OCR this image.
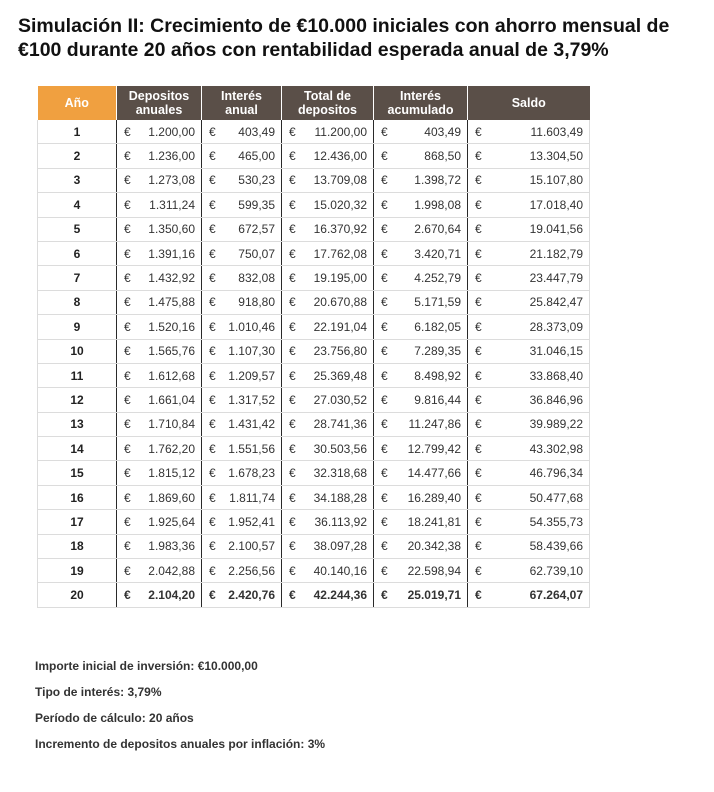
Simulación II: Crecimiento de €10.000 iniciales con ahorro mensual de €100 durante 20 años con rentabilidad esperada anual de 3,79%
Año	Depositos anuales	Interés anual	Total de depositos	Interés acumulado	Saldo
1	€ 1.200,00	€ 403,49	€ 11.200,00	€ 403,49	€ 11.603,49

2	€ 1.236,00	€ 465,00	€ 12.436,00	€ 868,50	€ 13.304,50

3	€ 1.273,08	€ 530,23	€ 13.709,08	€ 1.398,72	€ 15.107,80

4	€ 1.311,24	€ 599,35	€ 15.020,32	€ 1.998,08	€ 17.018,40

5	€ 1.350,60	€ 672,57	€ 16.370,92	€ 2.670,64	€ 19.041,56

6	€ 1.391,16	€ 750,07	€ 17.762,08	€ 3.420,71	€ 21.182,79

7	€ 1.432,92	€ 832,08	€ 19.195,00	€ 4.252,79	€ 23.447,79

8	€ 1.475,88	€ 918,80	€ 20.670,88	€ 5.171,59	€ 25.842,47

9	€ 1.520,16	€ 1.010,46	€ 22.191,04	€ 6.182,05	€ 28.373,09

10	€ 1.565,76	€ 1.107,30	€ 23.756,80	€ 7.289,35	€ 31.046,15

11	€ 1.612,68	€ 1.209,57	€ 25.369,48	€ 8.498,92	€ 33.868,40

12	€ 1.661,04	€ 1.317,52	€ 27.030,52	€ 9.816,44	€ 36.846,96

13	€ 1.710,84	€ 1.431,42	€ 28.741,36	€ 11.247,86	€ 39.989,22

14	€ 1.762,20	€ 1.551,56	€ 30.503,56	€ 12.799,42	€ 43.302,98

15	€ 1.815,12	€ 1.678,23	€ 32.318,68	€ 14.477,66	€ 46.796,34

16	€ 1.869,60	€ 1.811,74	€ 34.188,28	€ 16.289,40	€ 50.477,68

17	€ 1.925,64	€ 1.952,41	€ 36.113,92	€ 18.241,81	€ 54.355,73

18	€ 1.983,36	€ 2.100,57	€ 38.097,28	€ 20.342,38	€ 58.439,66

19	€ 2.042,88	€ 2.256,56	€ 40.140,16	€ 22.598,94	€ 62.739,10

20	€ 2.104,20	€ 2.420,76	€ 42.244,36	€ 25.019,71	€ 67.264,07
Importe inicial de inversión: €10.000,00
Tipo de interés: 3,79%
Período de cálculo: 20 años
Incremento de depositos anuales por inflación: 3%
